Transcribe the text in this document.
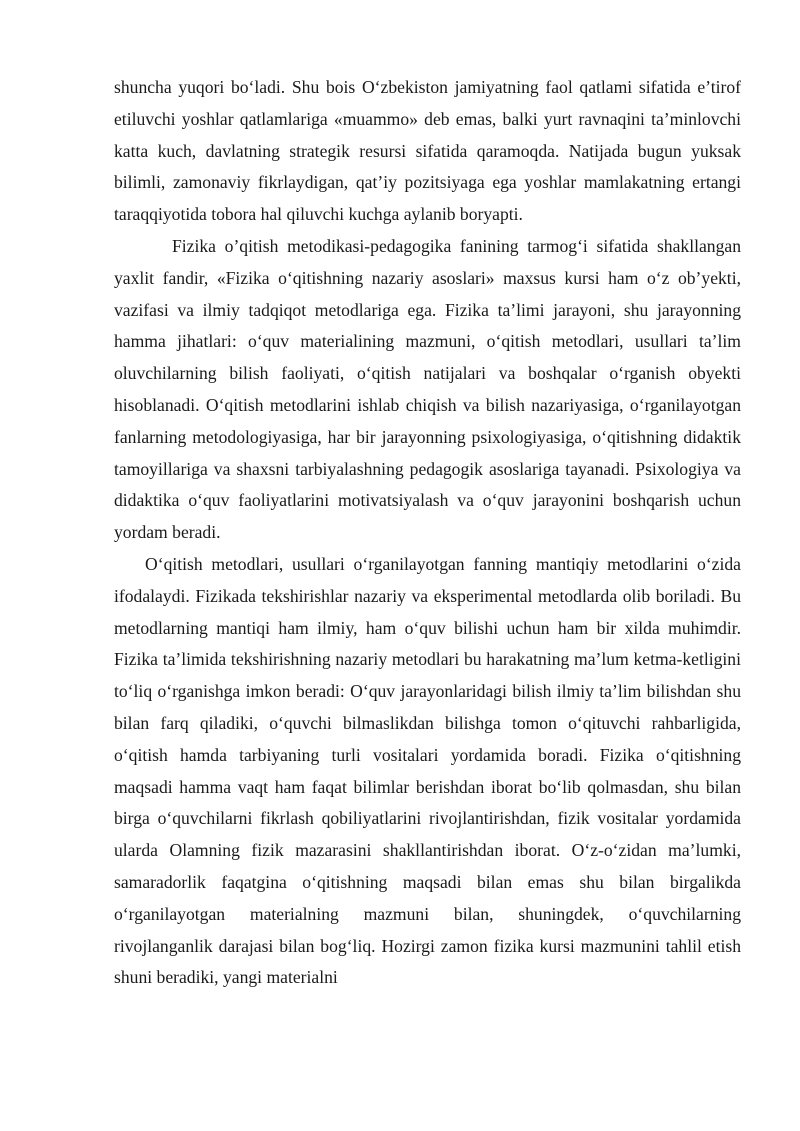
shuncha yuqori bo‘ladi. Shu bois O‘zbekiston jamiyatning faol qatlami sifatida e’tirof etiluvchi yoshlar qatlamlariga «muammo» deb emas, balki yurt ravnaqini ta’minlovchi katta kuch, davlatning strategik resursi sifatida qaramoqda. Natijada bugun yuksak bilimli, zamonaviy fikrlaydigan, qat’iy pozitsiyaga ega yoshlar mamlakatning ertangi taraqqiyotida tobora hal qiluvchi kuchga aylanib boryapti.

Fizika o’qitish metodikasi-pedagogika fanining tarmog‘i sifatida shakllangan yaxlit fandir, «Fizika o‘qitishning nazariy asoslari» maxsus kursi ham o‘z ob’yekti, vazifasi va ilmiy tadqiqot metodlariga ega. Fizika ta’limi jarayoni, shu jarayonning hamma jihatlari: o‘quv materialining mazmuni, o‘qitish metodlari, usullari ta’lim oluvchilarning bilish faoliyati, o‘qitish natijalari va boshqalar o‘rganish obyekti hisoblanadi. O‘qitish metodlarini ishlab chiqish va bilish nazariyasiga, o‘rganilayotgan fanlarning metodologiyasiga, har bir jarayonning psixologiyasiga, o‘qitishning didaktik tamoyillariga va shaxsni tarbiyalashning pedagogik asoslariga tayanadi. Psixologiya va didaktika o‘quv faoliyatlarini motivatsiyalash va o‘quv jarayonini boshqarish uchun yordam beradi.

O‘qitish metodlari, usullari o‘rganilayotgan fanning mantiqiy metodlarini o‘zida ifodalaydi. Fizikada tekshirishlar nazariy va eksperimental metodlarda olib boriladi. Bu metodlarning mantiqi ham ilmiy, ham o‘quv bilishi uchun ham bir xilda muhimdir. Fizika ta’limida tekshirishning nazariy metodlari bu harakatning ma’lum ketma-ketligini to‘liq o‘rganishga imkon beradi: O‘quv jarayonlaridagi bilish ilmiy ta’lim bilishdan shu bilan farq qiladiki, o‘quvchi bilmaslikdan bilishga tomon o‘qituvchi rahbarligida, o‘qitish hamda tarbiyaning turli vositalari yordamida boradi. Fizika o‘qitishning maqsadi hamma vaqt ham faqat bilimlar berishdan iborat bo‘lib qolmasdan, shu bilan birga o‘quvchilarni fikrlash qobiliyatlarini rivojlantirishdan, fizik vositalar yordamida ularda Olamning fizik mazarasini shakllantirishdan iborat. O‘z-o‘zidan ma’lumki, samaradorlik faqatgina o‘qitishning maqsadi bilan emas shu bilan birgalikda o‘rganilayotgan materialning mazmuni bilan, shuningdek, o‘quvchilarning rivojlanganlik darajasi bilan bog‘liq. Hozirgi zamon fizika kursi mazmunini tahlil etish shuni beradiki, yangi materialni
